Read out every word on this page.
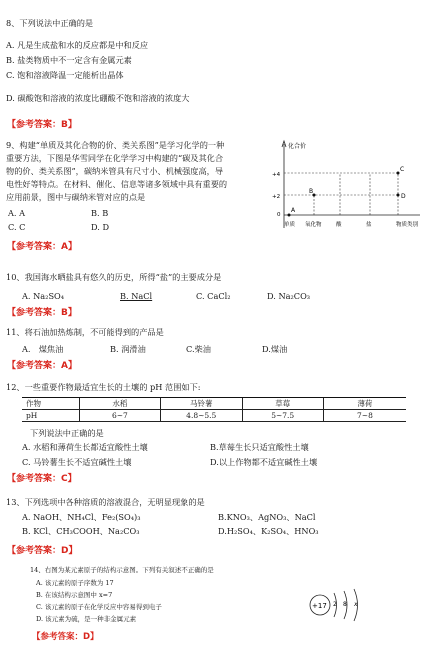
8、下列说法中正确的是
A. 凡是生成盐和水的反应都是中和反应
B. 盐类物质中不一定含有金属元素
C. 饱和溶液降温一定能析出晶体
D. 碳酸饱和溶液的浓度比硼酸不饱和溶液的浓度大
【参考答案：B】
9、构建“单质及其化合物的价、类关系图”是学习化学的一种
重要方法，下图是华雪同学在化学学习中构建的“碳及其化合
物的价、类关系图”，碳纳米管具有尺寸小、机械强度高，导
电性好等特点。在材料、催化、信息等诸多领域中具有重要的
应用前景，图中与碳纳米管对应的点是
A. A	B. B
C. C	D. D
【参考答案：A】
化合价
+4
+2
0
A
B
C
D
单质 氧化物	酸	盐	物质类别
10、我国海水晒盐具有悠久的历史，所得“盐”的主要成分是
A. Na₂SO₄	B. NaCl	C. CaCl₂	D. Na₂CO₃
【参考答案：B】
11、将石油加热炼制，不可能得到的产品是
A.　煤焦油	B. 润滑油	C.柴油	D.煤油
【参考答案：A】
12、一些重要作物最适宜生长的土壤的 pH 范围如下:
作物	水稻	马铃薯	草莓	薄荷
pH	6~7	4.8~5.5	5~7.5	7~8
下列说法中正确的是
A. 水稻和薄荷生长都适宜酸性土壤	B.草莓生长只适宜酸性土壤
C. 马铃薯生长不适宜碱性土壤	D.以上作物都不适宜碱性土壤
【参考答案：C】
13、下列选项中各种溶质的溶液混合，无明显现象的是
A. NaOH、NH₄Cl、Fe₂(SO₄)₃	B.KNO₃、AgNO₃、NaCl
B. KCl、CH₃COOH、Na₂CO₃	D.H₂SO₄、K₂SO₄、HNO₃
【参考答案：D】
14、右图为某元素原子的结构示意图。下列有关叙述不正确的是
A. 该元素的原子序数为 17
B. 在该结构示意图中 x=7
C. 该元素的原子在化学反应中容易得到电子
D. 该元素为硫，是一种非金属元素
【参考答案：D】
+17 2 8 x
